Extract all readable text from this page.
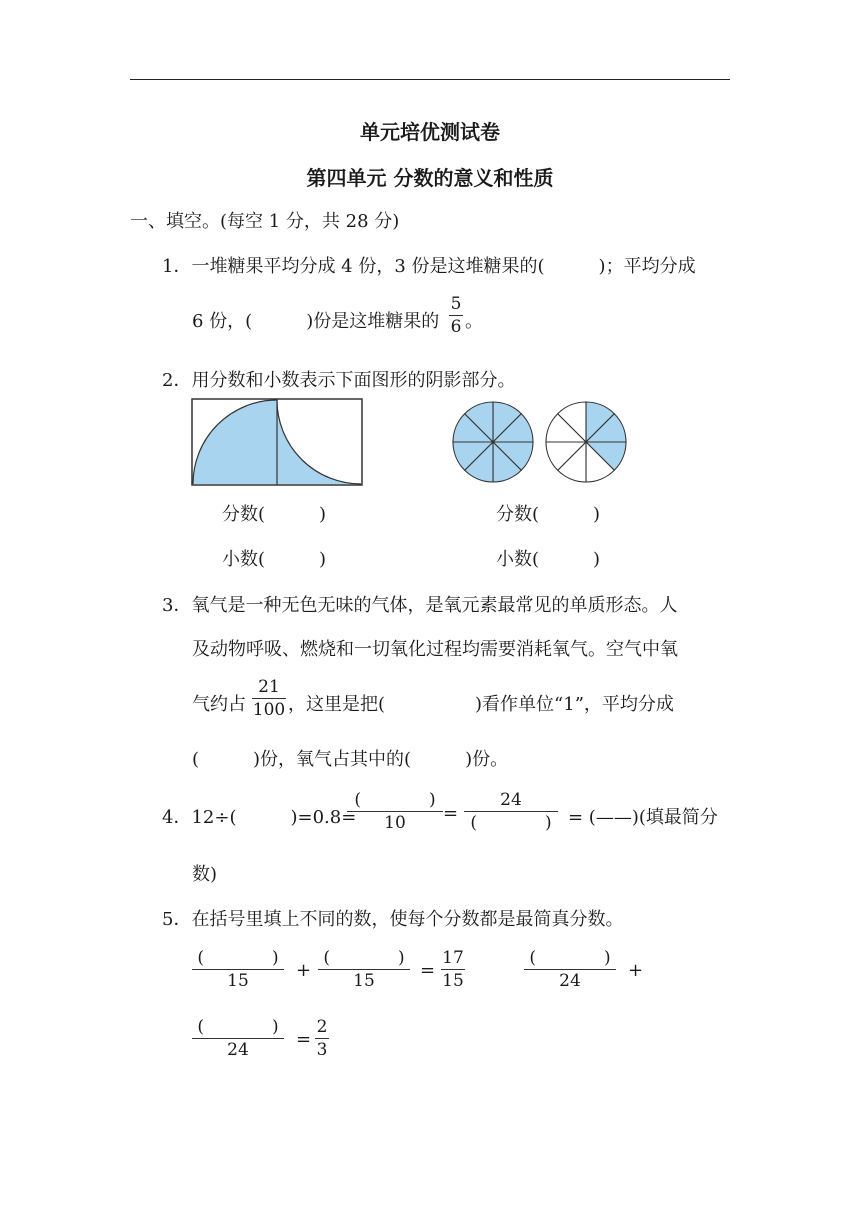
单元培优测试卷
第四单元 分数的意义和性质
一、填空。(每空 1 分，共 28 分)
1．一堆糖果平均分成 4 份，3 份是这堆糖果的(　　　)；平均分成
6 份，(　　　)份是这堆糖果的 $\frac{5}{6}$ 。
2．用分数和小数表示下面图形的阴影部分。
分数(　　　)
小数(　　　)
分数(　　　)
小数(　　　)
3．氧气是一种无色无味的气体，是氧元素最常见的单质形态。人
及动物呼吸、燃烧和一切氧化过程均需要消耗氧气。空气中氧
气约占 $\frac{21}{100}$ ，这里是把(　　　　　)看作单位“1”，平均分成
(　　　)份，氧气占其中的(　　　)份。
4．12÷(　　　)=0.8=
(　　　　)
10	=
24
(　　　　) = (——)(填最简分
数)
5．在括号里填上不同的数，使每个分数都是最简真分数。
(　　　　)
15	+
(　　　　)
15	= $\frac{17}{15}$	(　　　　)
24	+
(　　　　)
24	= $\frac{2}{3}$
